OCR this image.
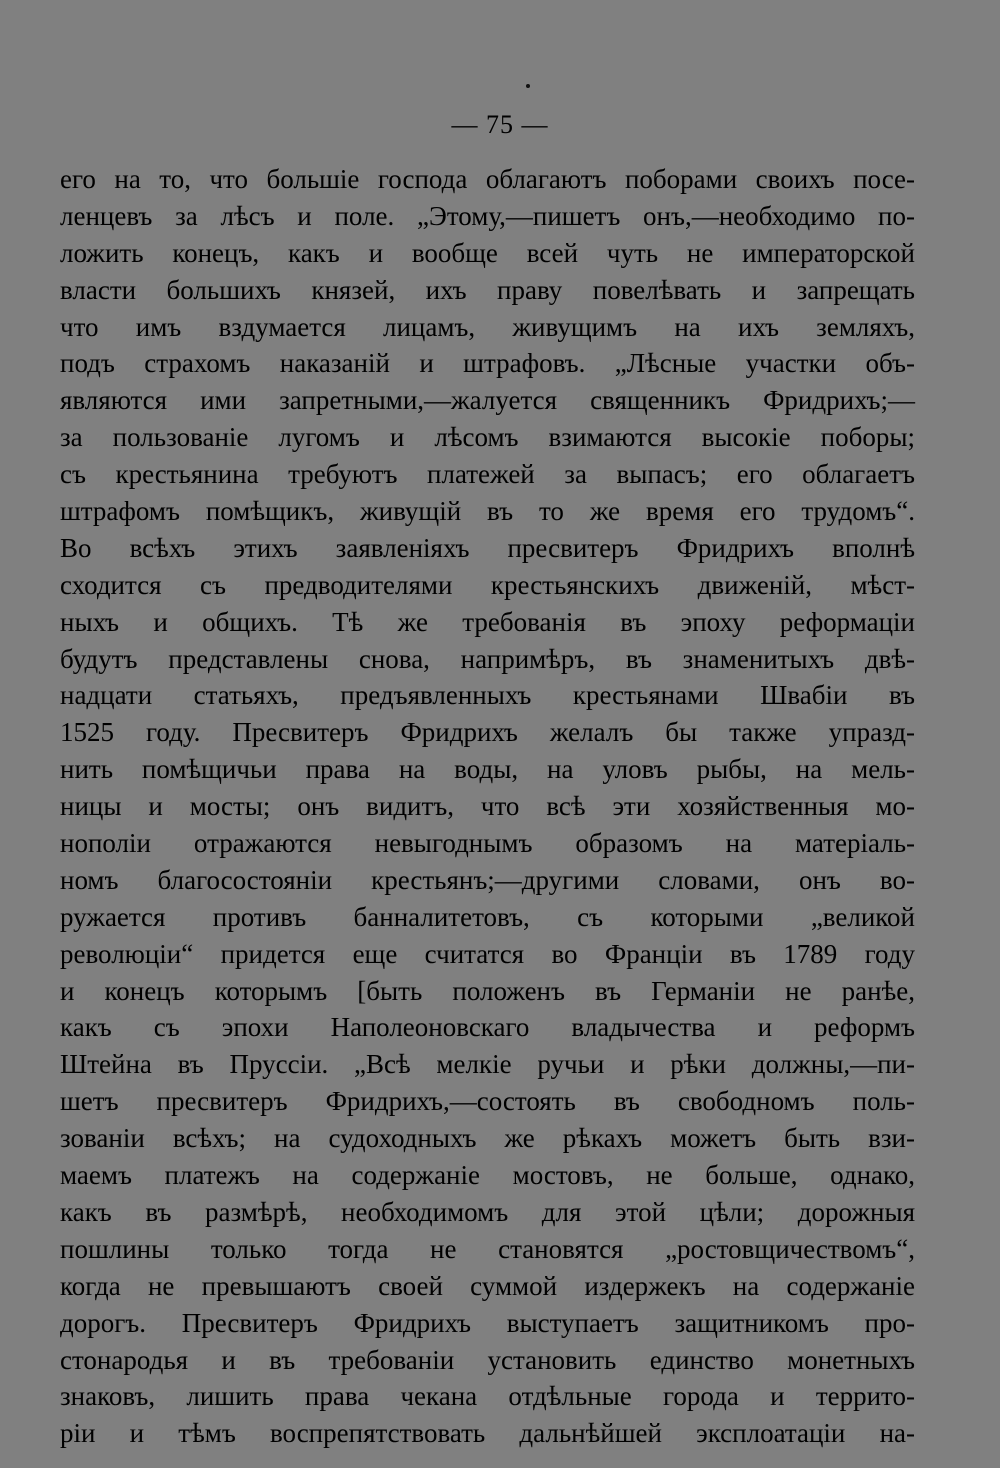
— 75 —
его на то, что большіе господа облагаютъ поборами своихъ посе-
ленцевъ за лѣсъ и поле. „Этому,—пишетъ онъ,—необходимо по-
ложить конецъ, какъ и вообще всей чуть не императорской
власти большихъ князей, ихъ праву повелѣвать и запрещать
что имъ вздумается лицамъ, живущимъ на ихъ земляхъ,
подъ страхомъ наказаній и штрафовъ. „Лѣсные участки объ-
являются ими запретными,—жалуется священникъ Фридрихъ;—
за пользованіе лугомъ и лѣсомъ взимаются высокіе поборы;
съ крестьянина требуютъ платежей за выпасъ; его облагаетъ
штрафомъ помѣщикъ, живущій въ то же время его трудомъ“.
Во всѣхъ этихъ заявленіяхъ пресвитеръ Фридрихъ вполнѣ
сходится съ предводителями крестьянскихъ движеній, мѣст-
ныхъ и общихъ. Тѣ же требованія въ эпоху реформаціи
будутъ представлены снова, напримѣръ, въ знаменитыхъ двѣ-
надцати статьяхъ, предъявленныхъ крестьянами Швабіи въ
1525 году. Пресвитеръ Фридрихъ желалъ бы также упразд-
нить помѣщичьи права на воды, на уловъ рыбы, на мель-
ницы и мосты; онъ видитъ, что всѣ эти хозяйственныя мо-
нополіи отражаются невыгоднымъ образомъ на матеріаль-
номъ благосостояніи крестьянъ;—другими словами, онъ во-
ружается противъ банналитетовъ, съ которыми „великой
революціи“ придется еще считатся во Франціи въ 1789 году
и конецъ которымъ [быть положенъ въ Германіи не ранѣе,
какъ съ эпохи Наполеоновскаго владычества и реформъ
Штейна въ Пруссіи. „Всѣ мелкіе ручьи и рѣки должны,—пи-
шетъ пресвитеръ Фридрихъ,—состоять въ свободномъ поль-
зованіи всѣхъ; на судоходныхъ же рѣкахъ можетъ быть взи-
маемъ платежъ на содержаніе мостовъ, не больше, однако,
какъ въ размѣрѣ, необходимомъ для этой цѣли; дорожныя
пошлины только тогда не становятся „ростовщичествомъ“,
когда не превышаютъ своей суммой издержекъ на содержаніе
дорогъ. Пресвитеръ Фридрихъ выступаетъ защитникомъ про-
стонародья и въ требованіи установить единство монетныхъ
знаковъ, лишить права чекана отдѣльные города и террито-
ріи и тѣмъ воспрепятствовать дальнѣйшей эксплоатаціи на-
